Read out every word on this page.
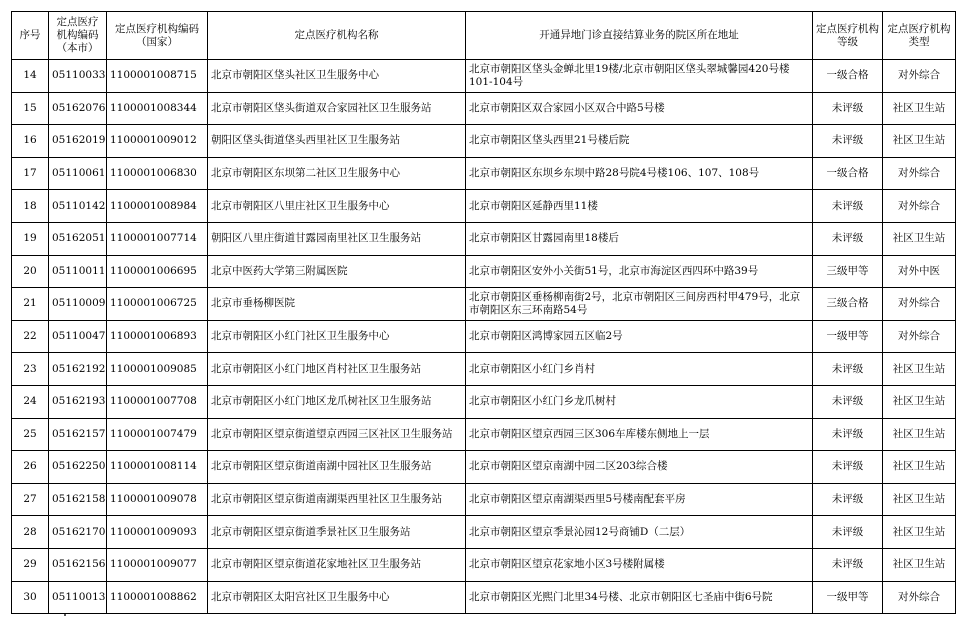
序号	定点医疗机构编码（本市）	定点医疗机构编码（国家）	定点医疗机构名称	开通异地门诊直接结算业务的院区所在地址	定点医疗机构等级	定点医疗机构类型
14	05110033	1100001008715	北京市朝阳区垡头社区卫生服务中心	北京市朝阳区垡头金蝉北里19楼/北京市朝阳区垡头翠城馨园420号楼101-104号	一级合格	对外综合
15	05162076	1100001008344	北京市朝阳区垡头街道双合家园社区卫生服务站	北京市朝阳区双合家园小区双合中路5号楼	未评级	社区卫生站
16	05162019	1100001009012	朝阳区垡头街道垡头西里社区卫生服务站	北京市朝阳区垡头西里21号楼后院	未评级	社区卫生站
17	05110061	1100001006830	北京市朝阳区东坝第二社区卫生服务中心	北京市朝阳区东坝乡东坝中路28号院4号楼106、107、108号	一级合格	对外综合
18	05110142	1100001008984	北京市朝阳区八里庄社区卫生服务中心	北京市朝阳区延静西里11楼	未评级	对外综合
19	05162051	1100001007714	朝阳区八里庄街道甘露园南里社区卫生服务站	北京市朝阳区甘露园南里18楼后	未评级	社区卫生站
20	05110011	1100001006695	北京中医药大学第三附属医院	北京市朝阳区安外小关街51号，北京市海淀区西四环中路39号	三级甲等	对外中医
21	05110009	1100001006725	北京市垂杨柳医院	北京市朝阳区垂杨柳南街2号，北京市朝阳区三间房西村甲479号，北京市朝阳区东三环南路54号	三级合格	对外综合
22	05110047	1100001006893	北京市朝阳区小红门社区卫生服务中心	北京市朝阳区鸿博家园五区临2号	一级甲等	对外综合
23	05162192	1100001009085	北京市朝阳区小红门地区肖村社区卫生服务站	北京市朝阳区小红门乡肖村	未评级	社区卫生站
24	05162193	1100001007708	北京市朝阳区小红门地区龙爪树社区卫生服务站	北京市朝阳区小红门乡龙爪树村	未评级	社区卫生站
25	05162157	1100001007479	北京市朝阳区望京街道望京西园三区社区卫生服务站	北京市朝阳区望京西园三区306车库楼东侧地上一层	未评级	社区卫生站
26	05162250	1100001008114	北京市朝阳区望京街道南湖中园社区卫生服务站	北京市朝阳区望京南湖中园二区203综合楼	未评级	社区卫生站
27	05162158	1100001009078	北京市朝阳区望京街道南湖渠西里社区卫生服务站	北京市朝阳区望京南湖渠西里5号楼南配套平房	未评级	社区卫生站
28	05162170	1100001009093	北京市朝阳区望京街道季景社区卫生服务站	北京市朝阳区望京季景沁园12号商铺D（二层）	未评级	社区卫生站
29	05162156	1100001009077	北京市朝阳区望京街道花家地社区卫生服务站	北京市朝阳区望京花家地小区3号楼附属楼	未评级	社区卫生站
30	05110013	1100001008862	北京市朝阳区太阳宫社区卫生服务中心	北京市朝阳区光熙门北里34号楼、北京市朝阳区七圣庙中街6号院	一级甲等	对外综合
